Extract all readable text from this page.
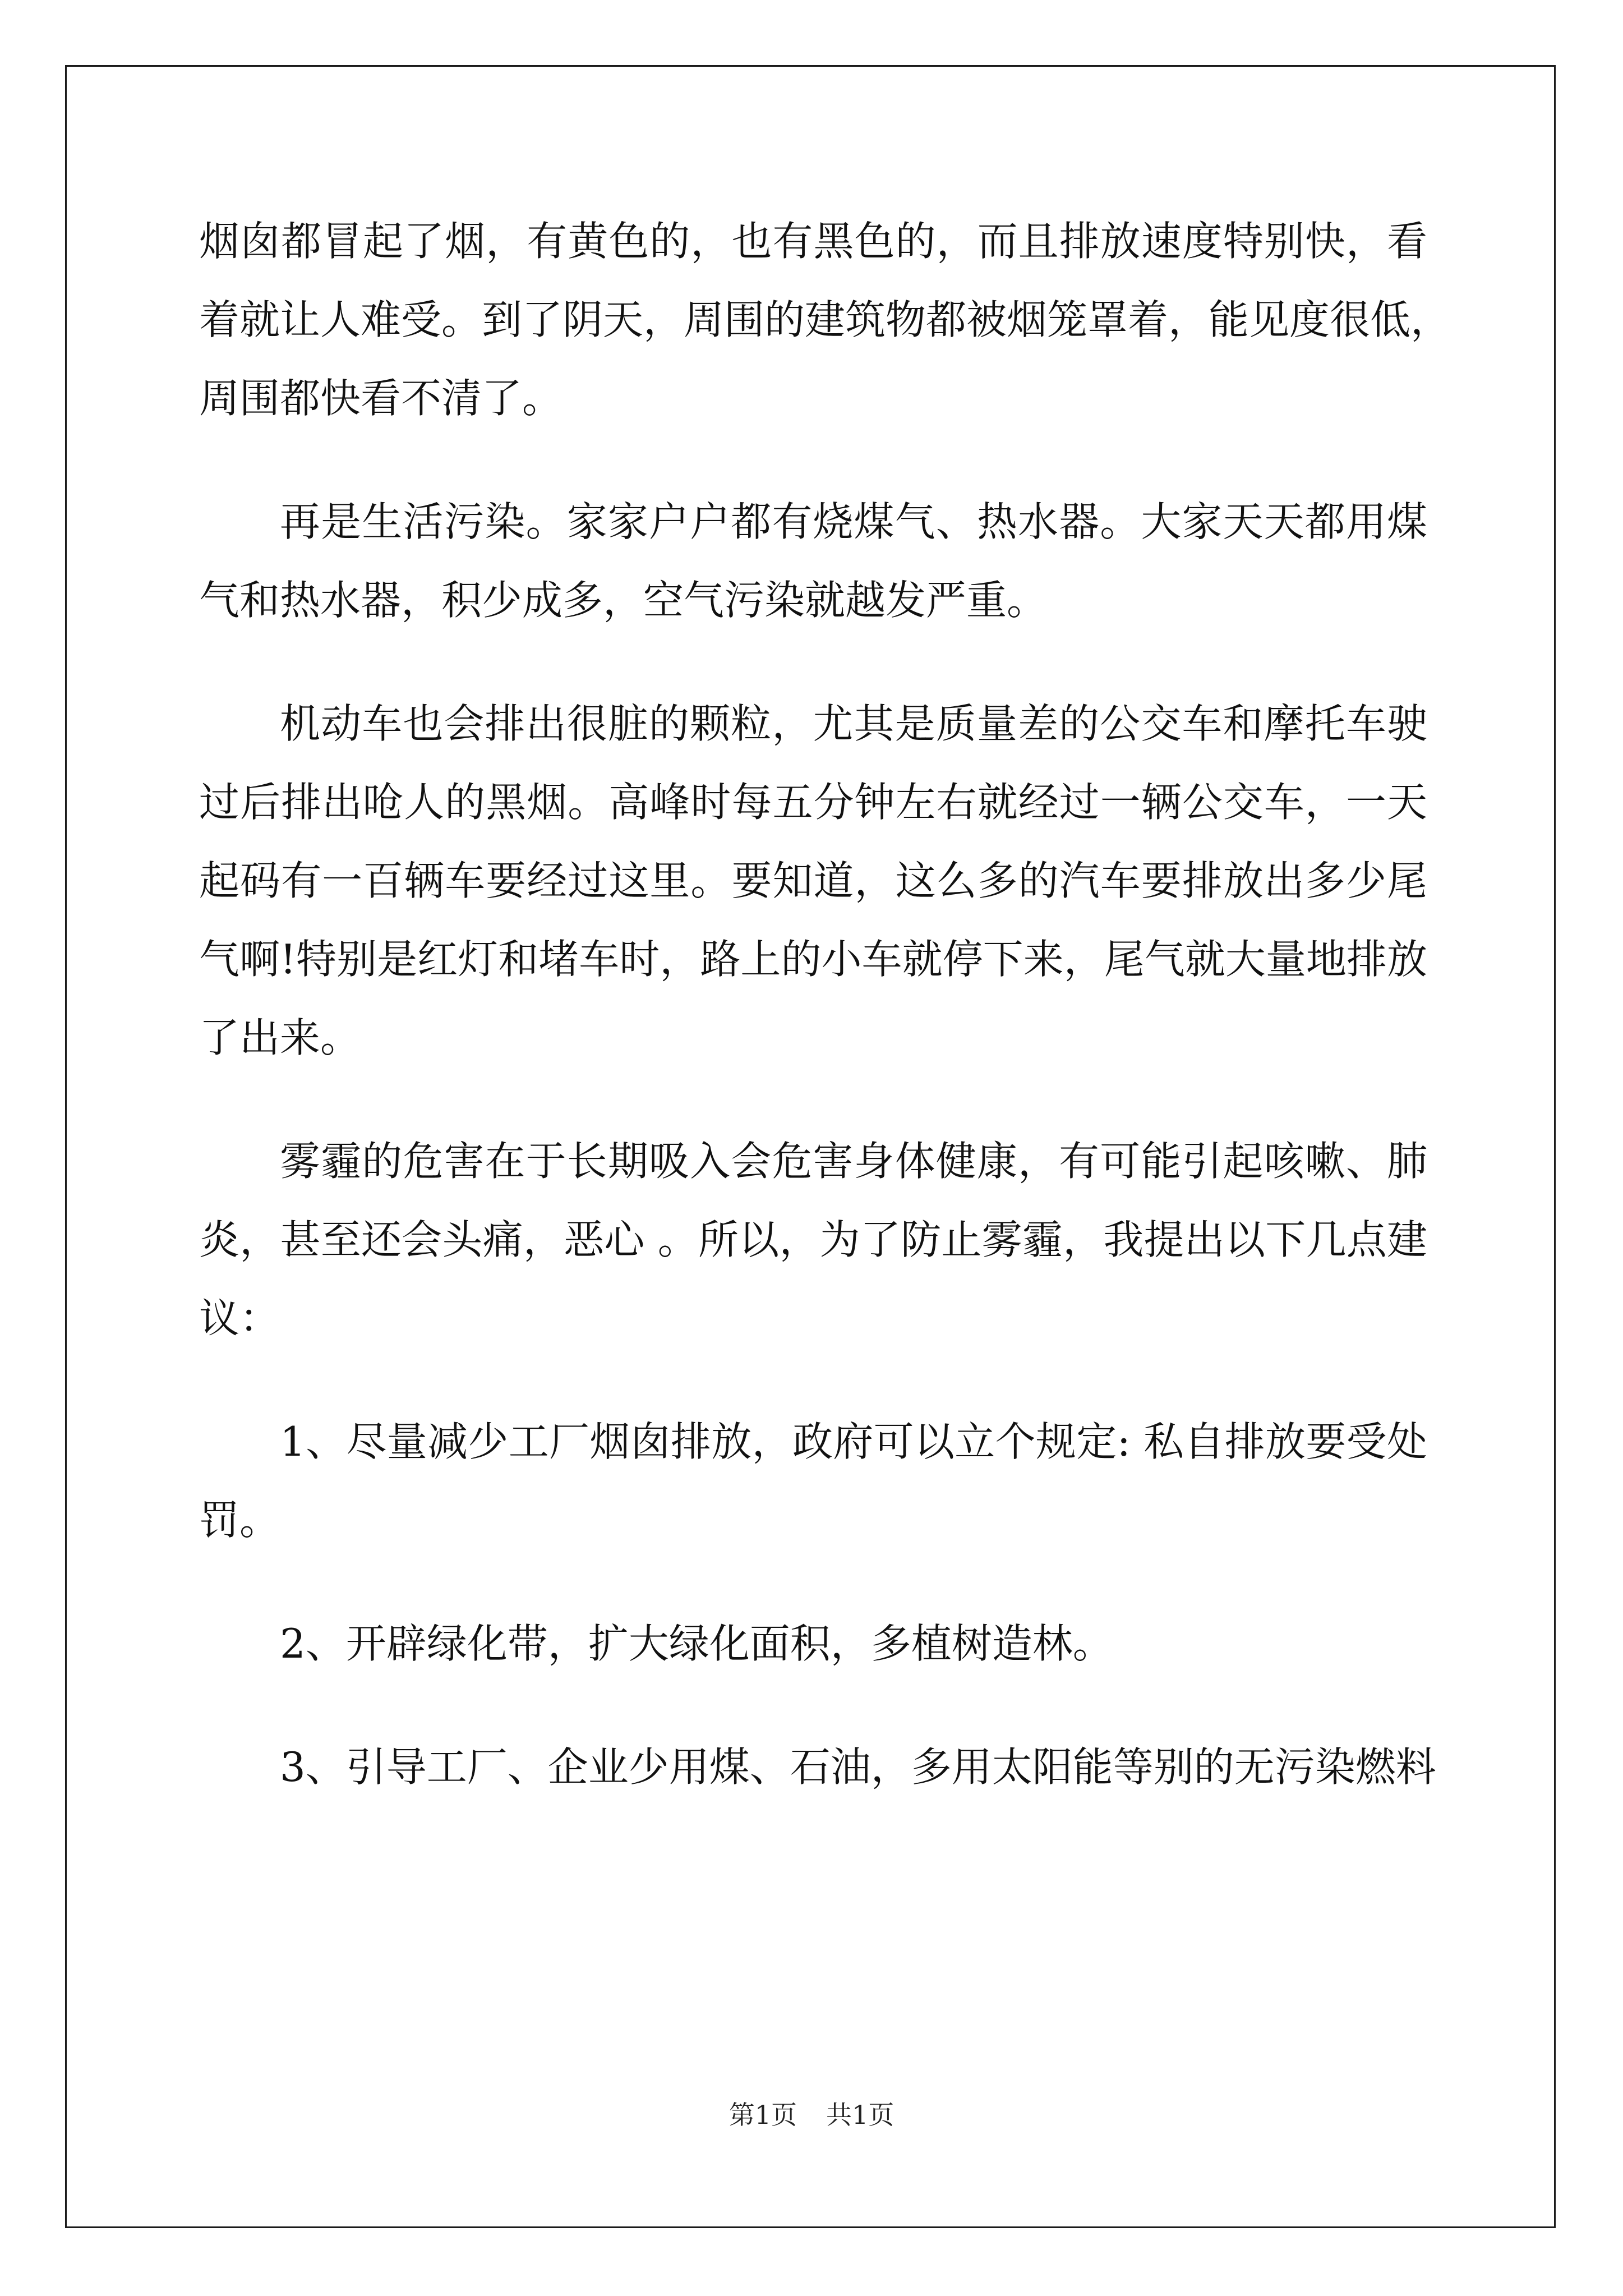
烟囱都冒起了烟，有黄色的，也有黑色的，而且排放速度特别快，看
着就让人难受。到了阴天，周围的建筑物都被烟笼罩着，能见度很低，
周围都快看不清了。
再是生活污染。家家户户都有烧煤气、热水器。大家天天都用煤
气和热水器，积少成多，空气污染就越发严重。
机动车也会排出很脏的颗粒，尤其是质量差的公交车和摩托车驶
过后排出呛人的黑烟。高峰时每五分钟左右就经过一辆公交车，一天
起码有一百辆车要经过这里。要知道，这么多的汽车要排放出多少尾
气啊!特别是红灯和堵车时，路上的小车就停下来，尾气就大量地排放
了出来。
雾霾的危害在于长期吸入会危害身体健康，有可能引起咳嗽、肺
炎，甚至还会头痛，恶心 。所以，为了防止雾霾，我提出以下几点建
议：
1、尽量减少工厂烟囱排放，政府可以立个规定: 私自排放要受处
罚。
2、开辟绿化带，扩大绿化面积，多植树造林。
3、引导工厂、企业少用煤、石油，多用太阳能等别的无污染燃料
第1页 共1页
